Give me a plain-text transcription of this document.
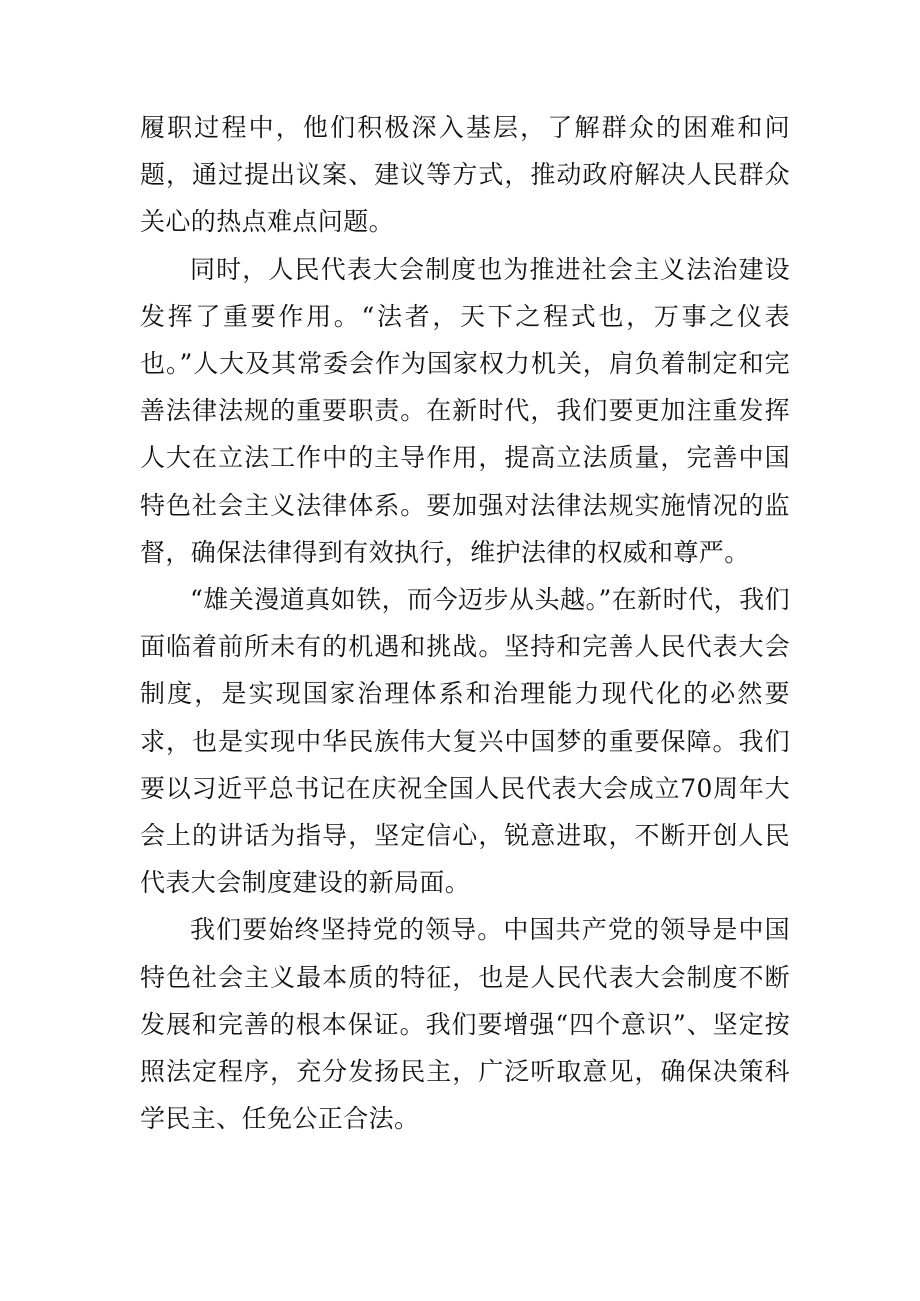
履职过程中，他们积极深入基层，了解群众的困难和问题，通过提出议案、建议等方式，推动政府解决人民群众关心的热点难点问题。

同时，人民代表大会制度也为推进社会主义法治建设发挥了重要作用。“法者，天下之程式也，万事之仪表也。”人大及其常委会作为国家权力机关，肩负着制定和完善法律法规的重要职责。在新时代，我们要更加注重发挥人大在立法工作中的主导作用，提高立法质量，完善中国特色社会主义法律体系。要加强对法律法规实施情况的监督，确保法律得到有效执行，维护法律的权威和尊严。

“雄关漫道真如铁，而今迈步从头越。”在新时代，我们面临着前所未有的机遇和挑战。坚持和完善人民代表大会制度，是实现国家治理体系和治理能力现代化的必然要求，也是实现中华民族伟大复兴中国梦的重要保障。我们要以习近平总书记在庆祝全国人民代表大会成立70周年大会上的讲话为指导，坚定信心，锐意进取，不断开创人民代表大会制度建设的新局面。

我们要始终坚持党的领导。中国共产党的领导是中国特色社会主义最本质的特征，也是人民代表大会制度不断发展和完善的根本保证。我们要增强“四个意识”、坚定按照法定程序，充分发扬民主，广泛听取意见，确保决策科学民主、任免公正合法。
